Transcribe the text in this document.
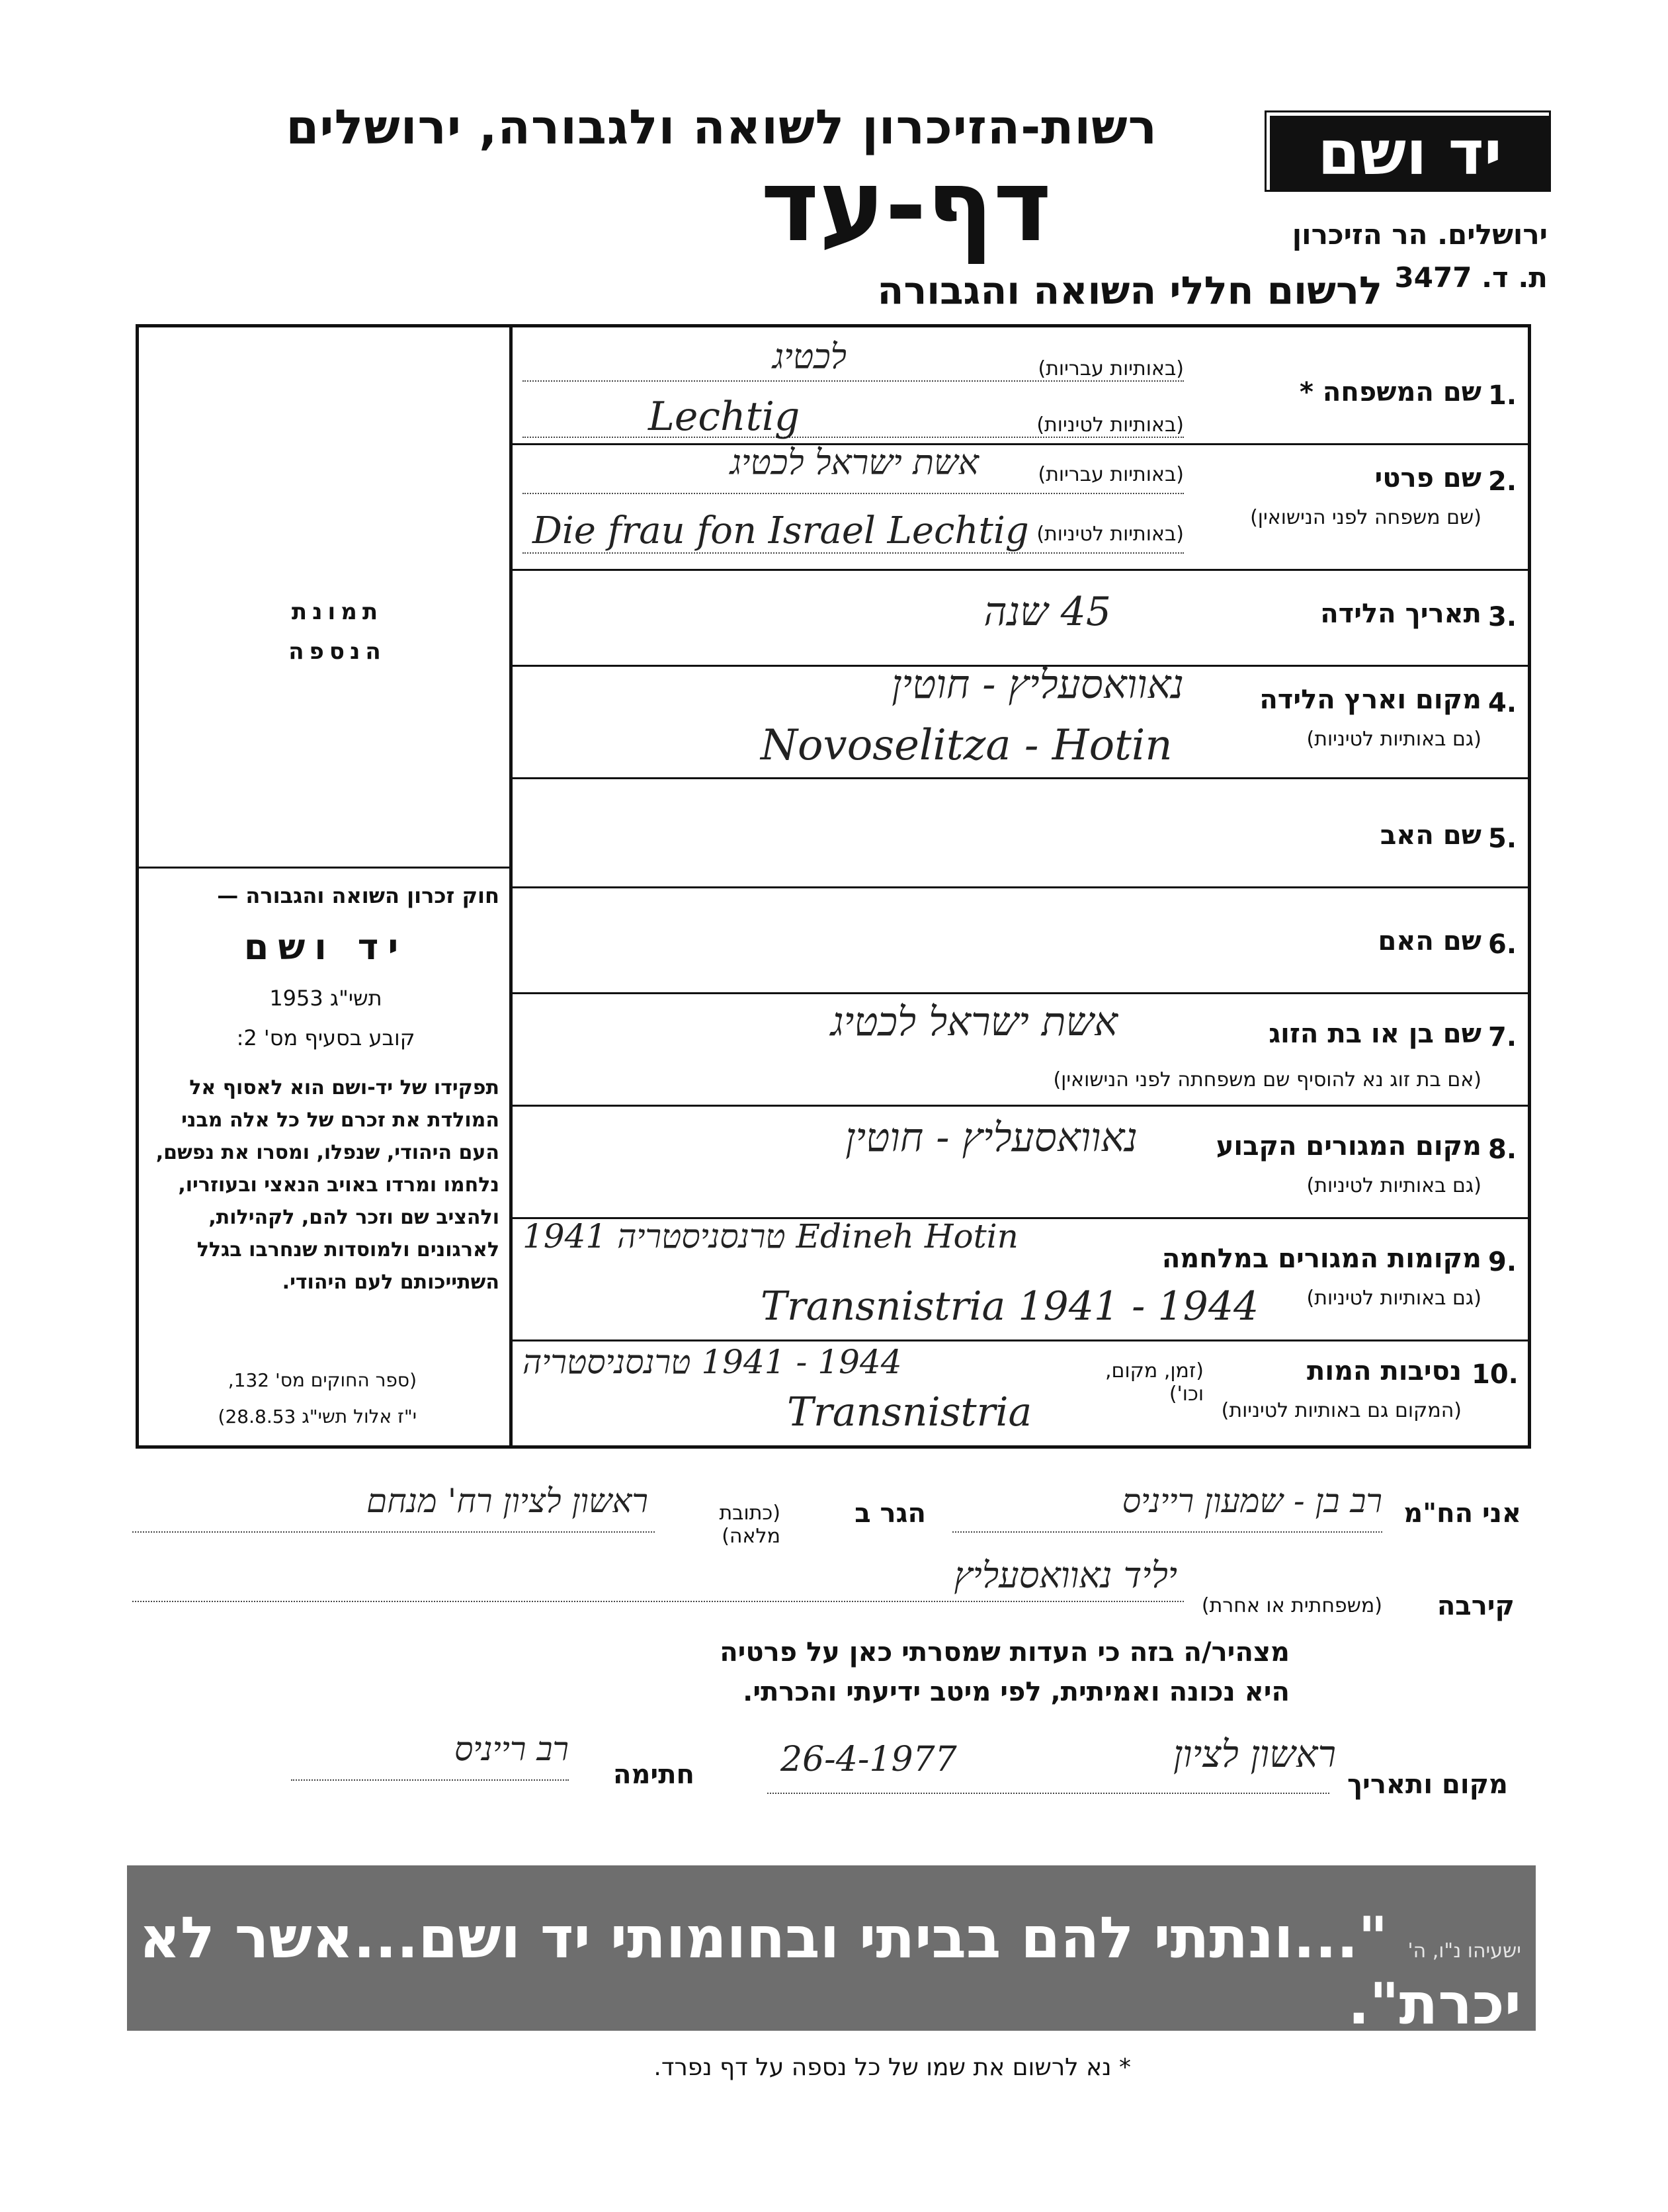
רשות-הזיכרון לשואה ולגבורה, ירושלים
דף-עד
לרשום חללי השואה והגבורה
יד ושם
ירושלים. הר הזיכרון
ת. ד. 3477
תמונת
הנספה
חוק זכרון השואה והגבורה —
יד ושם
תשי"ג 1953
קובע בסעיף מס' 2:
תפקידו של יד-ושם הוא לאסוף אל המולדת את זכרם של כל אלה מבני העם היהודי, שנפלו, ומסרו את נפשם, נלחמו ומרדו באויב הנאצי ובעוזריו, ולהציב שם וזכר להם, לקהילות, לארגונים ולמוסדות שנחרבו בגלל השתייכותם לעם היהודי.
(ספר החוקים מס' 132,
י"ז אלול תשי"ג 28.8.53)
1.
שם המשפחה *
(באותיות עבריות)
(באותיות לטיניות)
לכטיג
Lechtig
2.
שם פרטי
(שם משפחה לפני הנישואין)
(באותיות עבריות)
(באותיות לטיניות)
אשת ישראל לכטיג
Die frau fon Israel Lechtig
3.
תאריך הלידה
45 שנה
4.
מקום וארץ הלידה
(גם באותיות לטיניות)
נאוואסעליץ - חוטין
Novoselitza - Hotin
5.
שם האב
6.
שם האם
7.
שם בן או בת הזוג
(אם בת זוג נא להוסיף שם משפחתה לפני הנישואין)
אשת ישראל לכטיג
8.
מקום המגורים הקבוע
(גם באותיות לטיניות)
נאוואסעליץ - חוטין
9.
מקומות המגורים במלחמה
(גם באותיות לטיניות)
Edineh Hotin טרנסניסטריה 1941
Transnistria 1941 - 1944
10.
נסיבות המות
(זמן, מקום, וכו')
(המקום גם באותיות לטיניות)
1944 - 1941 טרנסניסטריה
Transnistria
אני הח"מ
רב בן - שמעון רייניס
הגר ב
(כתובת מלאה)
ראשון לציון רח' מנחם
קירבה
(משפחתית או אחרת)
יליד נאוואסעליץ
מצהיר/ה בזה כי העדות שמסרתי כאן על פרטיה
היא נכונה ואמיתית, לפי מיטב ידיעתי והכרתי.
מקום ותאריך
ראשון לציון
26-4-1977
חתימה
רב רייניס
ישעיהו נ"ו, ה' "...ונתתי להם בביתי ובחומותי יד ושם...אשר לא יכרת".
* נא לרשום את שמו של כל נספה על דף נפרד.
